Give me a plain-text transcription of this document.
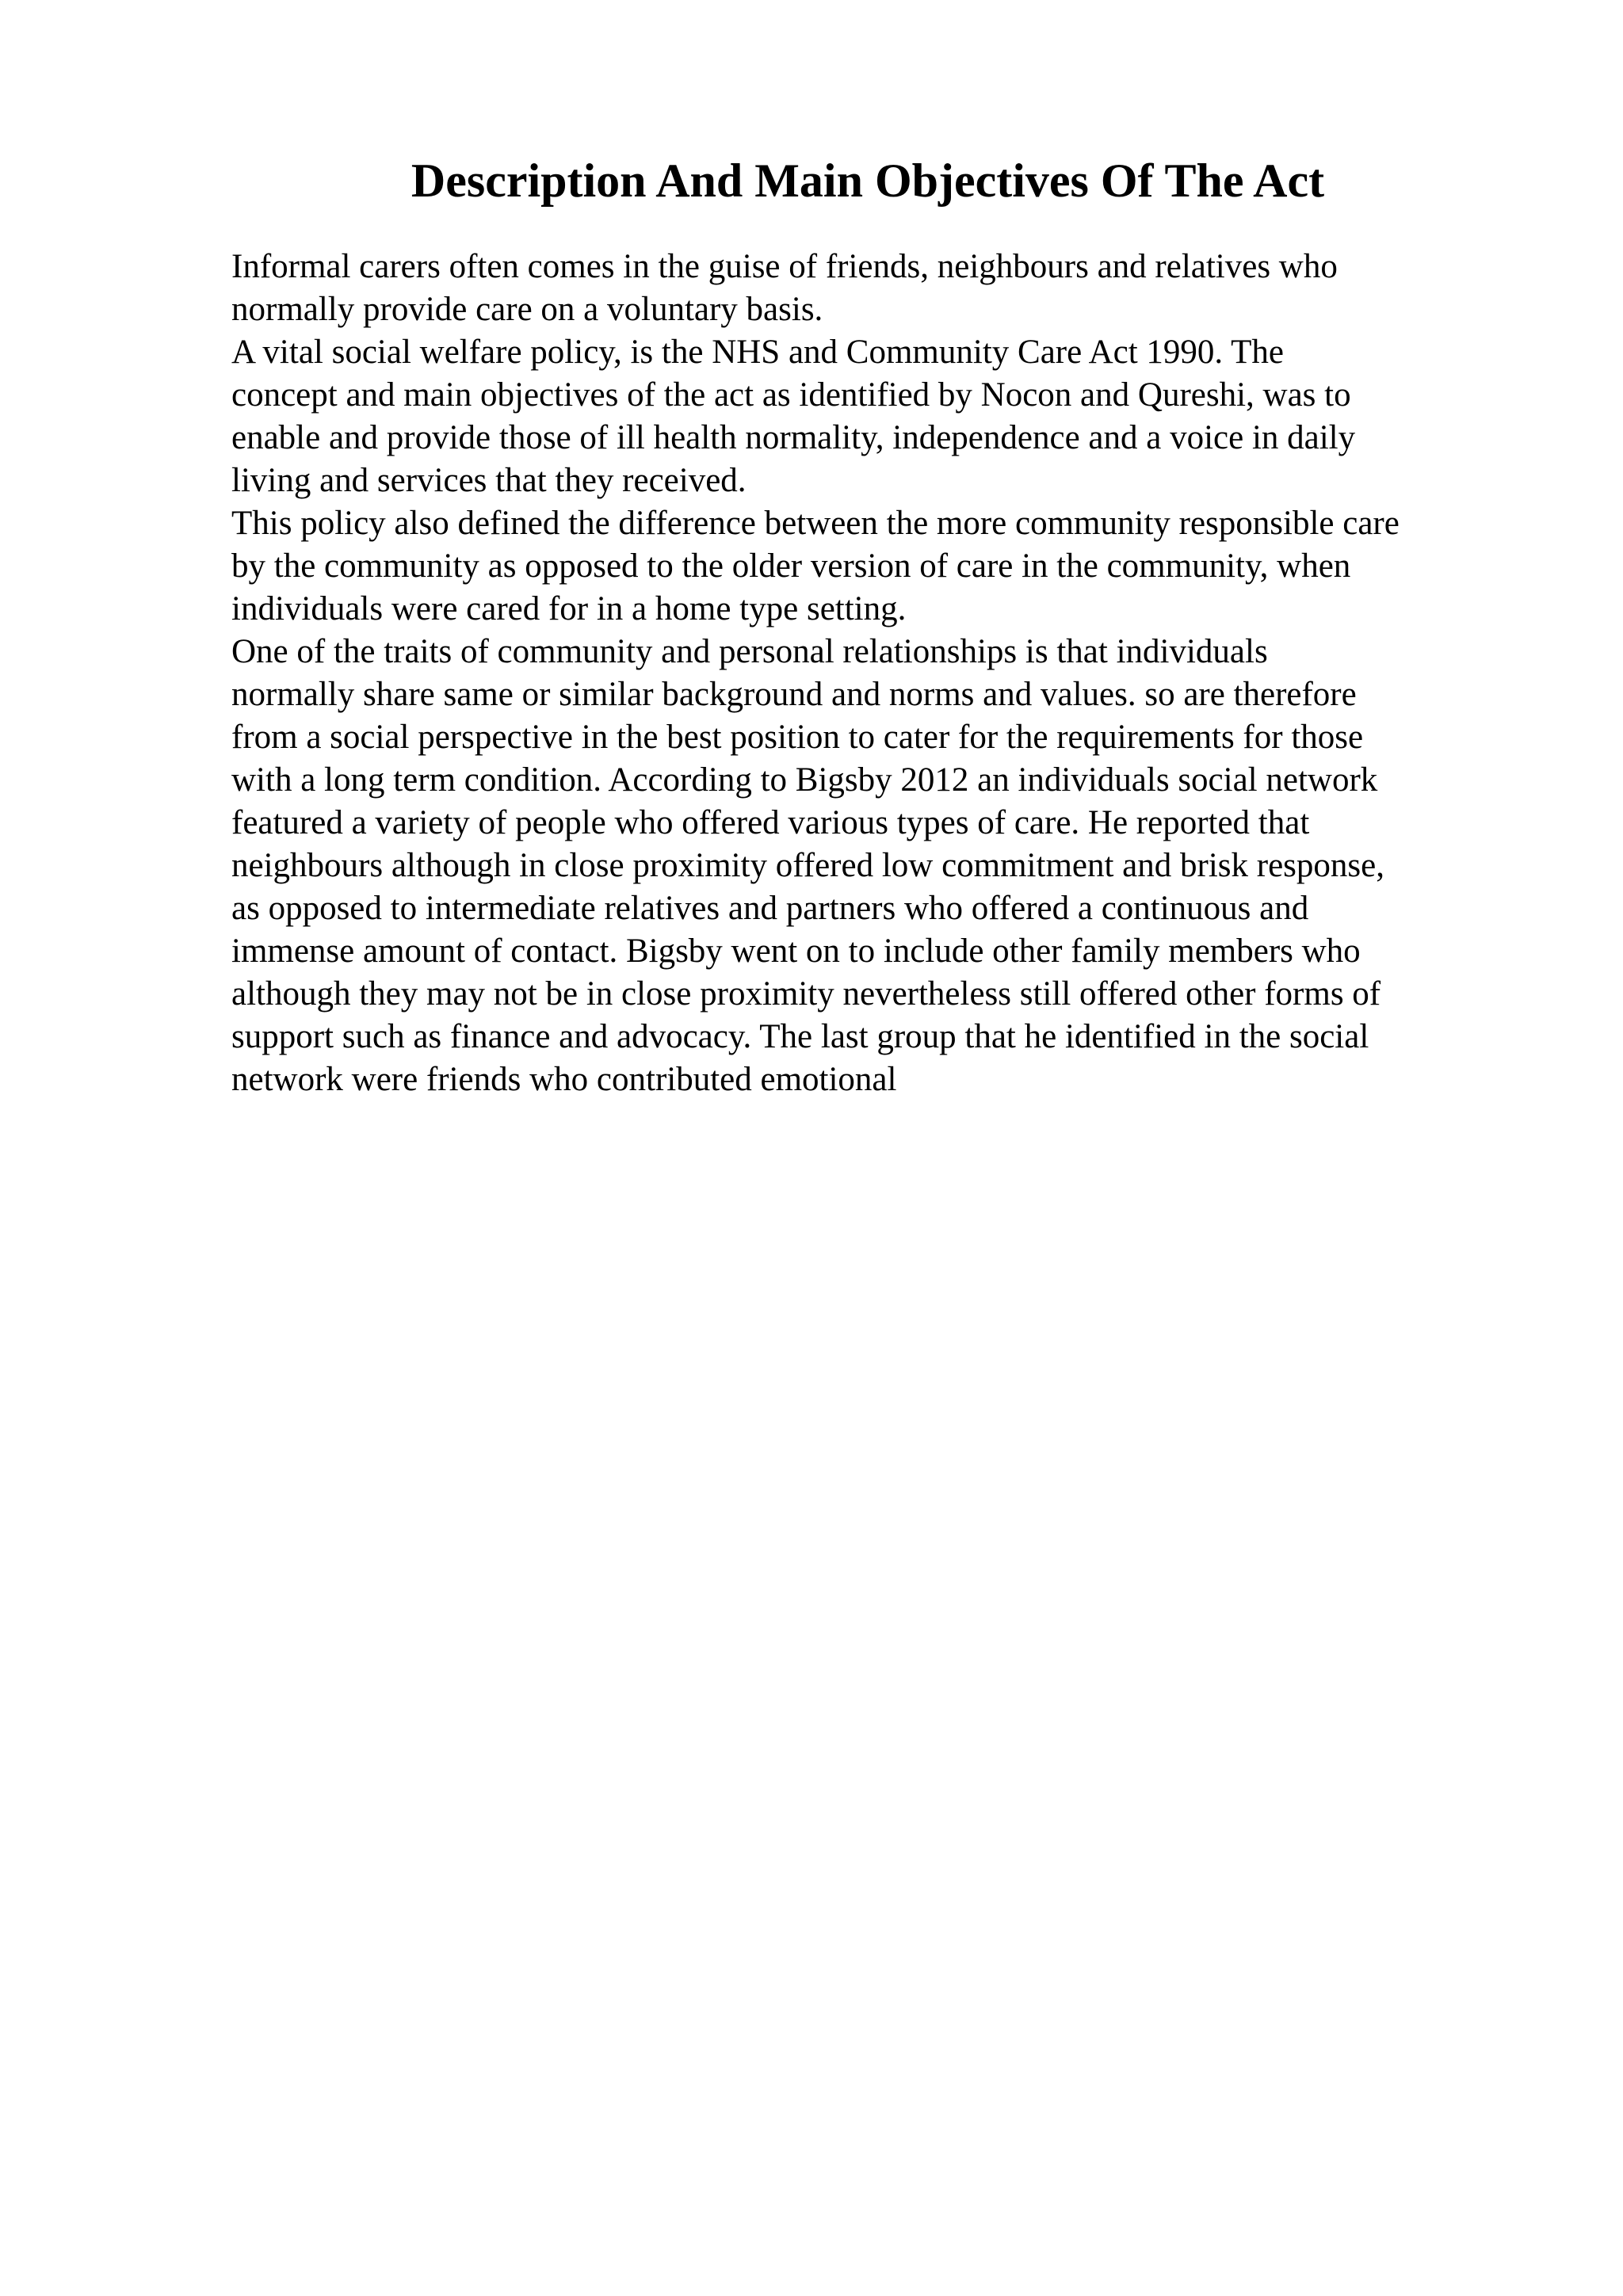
Description And Main Objectives Of The Act
Informal carers often comes in the guise of friends, neighbours and relatives who
normally provide care on a voluntary basis.
A vital social welfare policy, is the NHS and Community Care Act 1990. The
concept and main objectives of the act as identified by Nocon and Qureshi, was to
enable and provide those of ill health normality, independence and a voice in daily
living and services that they received.
This policy also defined the difference between the more community responsible care
by the community as opposed to the older version of care in the community, when
individuals were cared for in a home type setting.
One of the traits of community and personal relationships is that individuals
normally share same or similar background and norms and values. so are therefore
from a social perspective in the best position to cater for the requirements for those
with a long term condition. According to Bigsby 2012 an individuals social network
featured a variety of people who offered various types of care. He reported that
neighbours although in close proximity offered low commitment and brisk response,
as opposed to intermediate relatives and partners who offered a continuous and
immense amount of contact. Bigsby went on to include other family members who
although they may not be in close proximity nevertheless still offered other forms of
support such as finance and advocacy. The last group that he identified in the social
network were friends who contributed emotional
